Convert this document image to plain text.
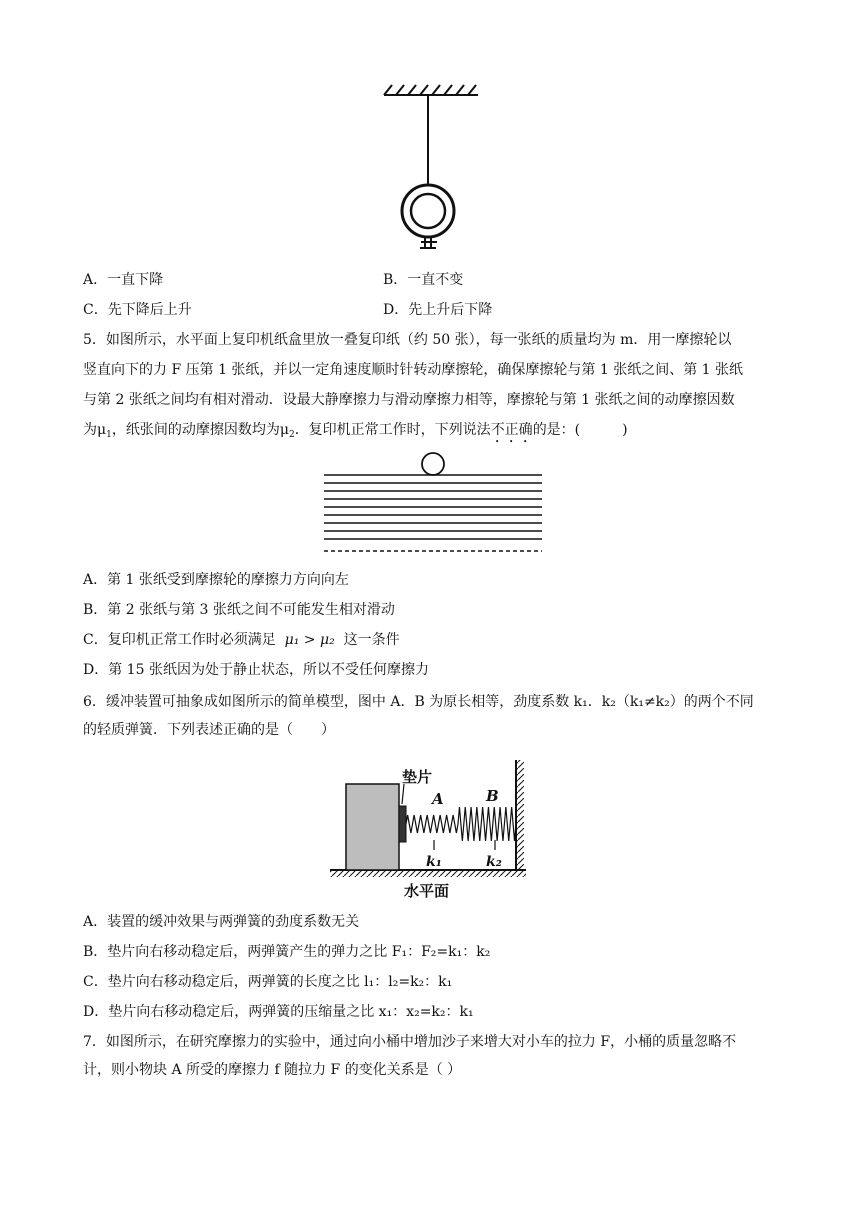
A．一直下降	B．一直不变
C．先下降后上升	D．先上升后下降
5．如图所示，水平面上复印机纸盒里放一叠复印纸（约 50 张），每一张纸的质量均为 m．用一摩擦轮以
竖直向下的力 F 压第 1 张纸，并以一定角速度顺时针转动摩擦轮，确保摩擦轮与第 1 张纸之间、第 1 张纸
与第 2 张纸之间均有相对滑动．设最大静摩擦力与滑动摩擦力相等，摩擦轮与第 1 张纸之间的动摩擦因数
为$\mu_1$，纸张间的动摩擦因数均为$\mu_2$．复印机正常工作时，下列说法不正确的是：(　　　)
A．第 1 张纸受到摩擦轮的摩擦力方向向左
B．第 2 张纸与第 3 张纸之间不可能发生相对滑动
C．复印机正常工作时必须满足 μ₁ > μ₂ 这一条件
D．第 15 张纸因为处于静止状态，所以不受任何摩擦力
6．缓冲装置可抽象成如图所示的简单模型，图中 A．B 为原长相等，劲度系数 k₁．k₂（k₁≠k₂）的两个不同
的轻质弹簧．下列表述正确的是（　　）
垫片
A	B
k₁	k₂
水平面
A．装置的缓冲效果与两弹簧的劲度系数无关
B．垫片向右移动稳定后，两弹簧产生的弹力之比 F₁：F₂=k₁：k₂
C．垫片向右移动稳定后，两弹簧的长度之比 l₁：l₂=k₂：k₁
D．垫片向右移动稳定后，两弹簧的压缩量之比 x₁：x₂=k₂：k₁
7．如图所示，在研究摩擦力的实验中，通过向小桶中增加沙子来增大对小车的拉力 F，小桶的质量忽略不
计，则小物块 A 所受的摩擦力 f 随拉力 F 的变化关系是（ ）
